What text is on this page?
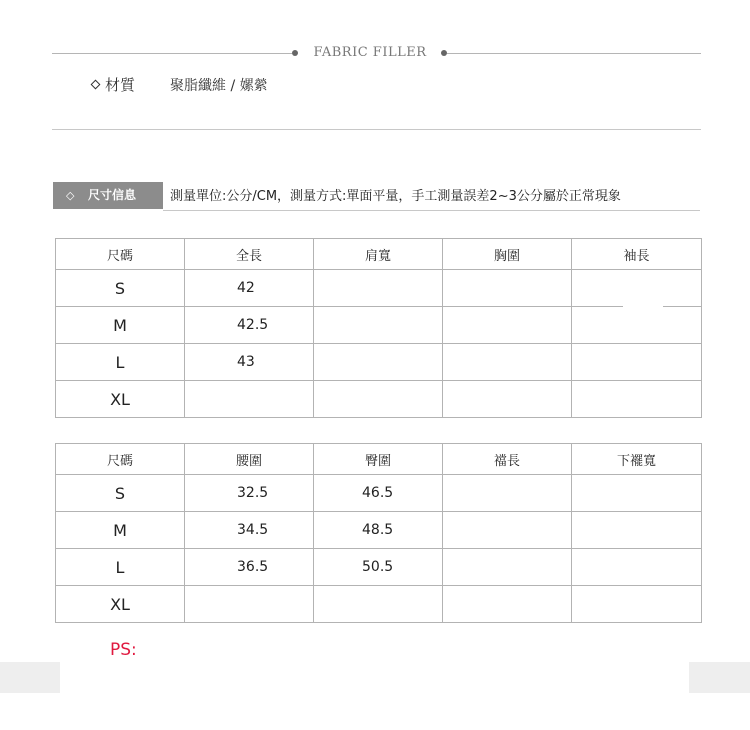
FABRIC FILLER
材質 聚脂纖維 / 嫘縈
◇ 尺寸信息	測量單位:公分/CM，測量方式:單面平量，手工測量誤差2~3公分屬於正常現象
尺碼	全長	肩寬	胸圍	袖長
S	42			
M	42.5			
L	43			
XL				
尺碼	腰圍	臀圍	襠長	下襬寬
S	32.5	46.5		
M	34.5	48.5		
L	36.5	50.5		
XL				
PS:
